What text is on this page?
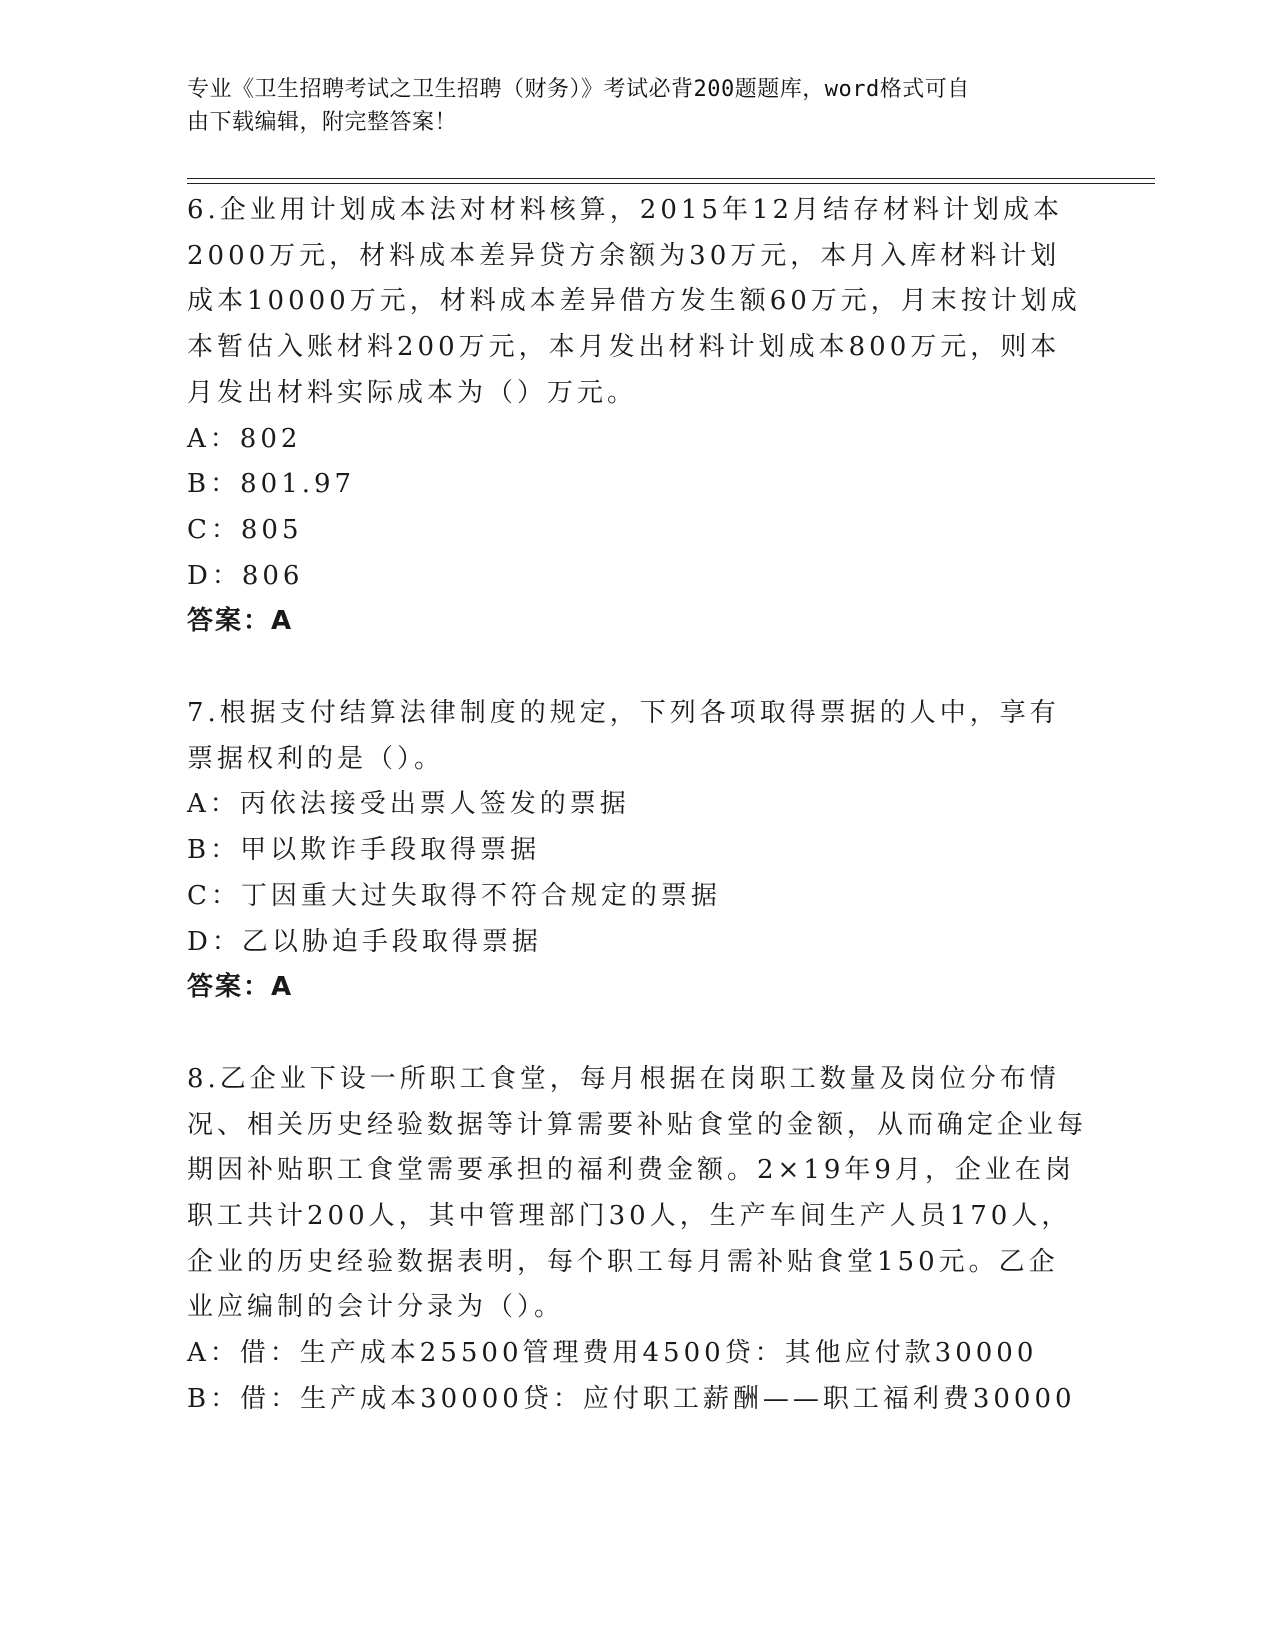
专业《卫生招聘考试之卫生招聘（财务）》考试必背200题题库，word格式可自
由下载编辑，附完整答案！

6.企业用计划成本法对材料核算，2015年12月结存材料计划成本2000万元，材料成本差异贷方余额为30万元，本月入库材料计划成本10000万元，材料成本差异借方发生额60万元，月末按计划成本暂估入账材料200万元，本月发出材料计划成本800万元，则本月发出材料实际成本为（）万元。

A：802

B：801.97

C：805

D：806

答案：A

7.根据支付结算法律制度的规定，下列各项取得票据的人中，享有票据权利的是（）。

A：丙依法接受出票人签发的票据

B：甲以欺诈手段取得票据

C：丁因重大过失取得不符合规定的票据

D：乙以胁迫手段取得票据

答案：A

8.乙企业下设一所职工食堂，每月根据在岗职工数量及岗位分布情况、相关历史经验数据等计算需要补贴食堂的金额，从而确定企业每期因补贴职工食堂需要承担的福利费金额。2×19年9月，企业在岗职工共计200人，其中管理部门30人，生产车间生产人员170人，企业的历史经验数据表明，每个职工每月需补贴食堂150元。乙企业应编制的会计分录为（）。

A：借：生产成本25500管理费用4500贷：其他应付款30000

B：借：生产成本30000贷：应付职工薪酬——职工福利费30000
